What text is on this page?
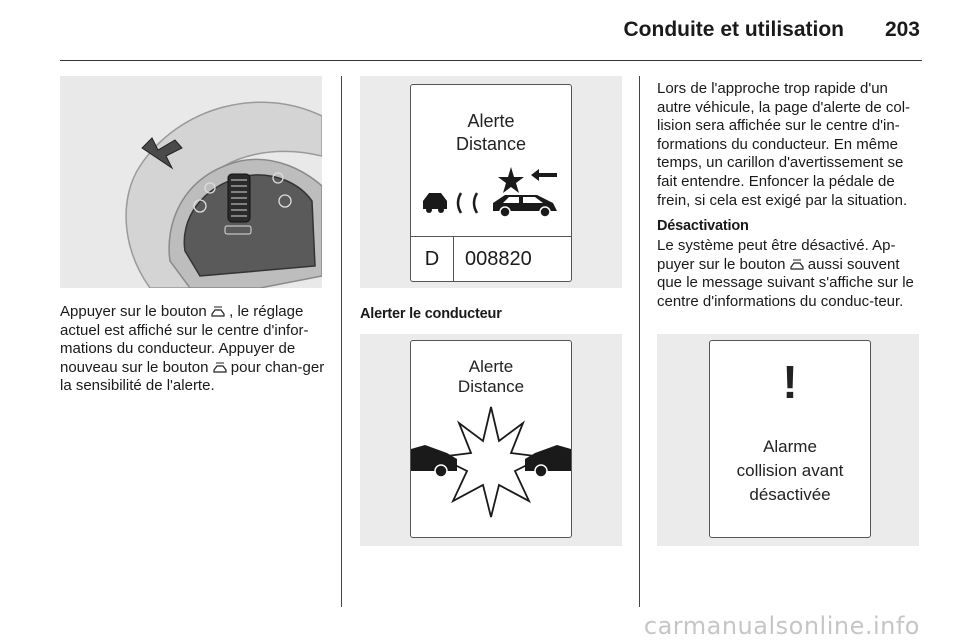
Conduite et utilisation 203

Appuyer sur le bouton  , le réglage actuel est affiché sur le centre d'infor-mations du conducteur. Appuyer de nouveau sur le bouton  pour chan-ger la sensibilité de l'alerte.

Alerte
Distance
D	008820
Alerter le conducteur
Alerte
Distance

Lors de l'approche trop rapide d'un autre véhicule, la page d'alerte de col-lision sera affichée sur le centre d'in-formations du conducteur. En même temps, un carillon d'avertissement se fait entendre. Enfoncer la pédale de frein, si cela est exigé par la situation.

Désactivation

Le système peut être désactivé. Ap-puyer sur le bouton  aussi souvent que le message suivant s'affiche sur le centre d'informations du conduc-teur.

!
Alarme
collision avant
désactivée
carmanualsonline.info
